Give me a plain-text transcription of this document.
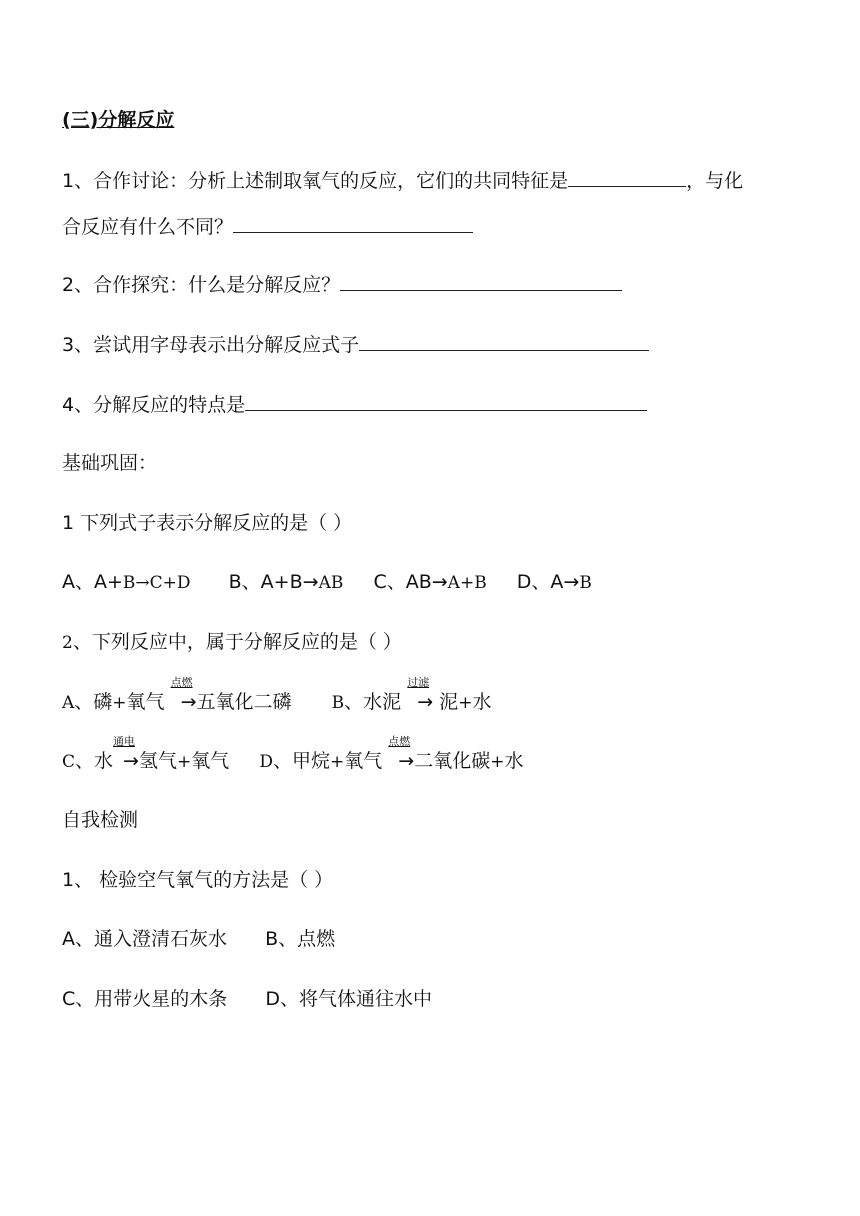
(三)分解反应
1、合作讨论：分析上述制取氧气的反应，它们的共同特征是	，与化
合反应有什么不同？
2、合作探究：什么是分解反应？
3、尝试用字母表示出分解反应式子
4、分解反应的特点是
基础巩固：
1 下列式子表示分解反应的是（ ）
A、A+B→C+D B、A+B→AB C、AB→A+B D、A→B
2、下列反应中，属于分解反应的是（ ）
A、磷+氧气
点燃
→五氧化二磷 B、水泥
过滤
→ 泥+水
C、水
通电
→氢气+氧气 D、甲烷+氧气
点燃
→二氧化碳+水
自我检测
1、 检验空气氧气的方法是（ ）
A、通入澄清石灰水 B、点燃
C、用带火星的木条 D、将气体通往水中
